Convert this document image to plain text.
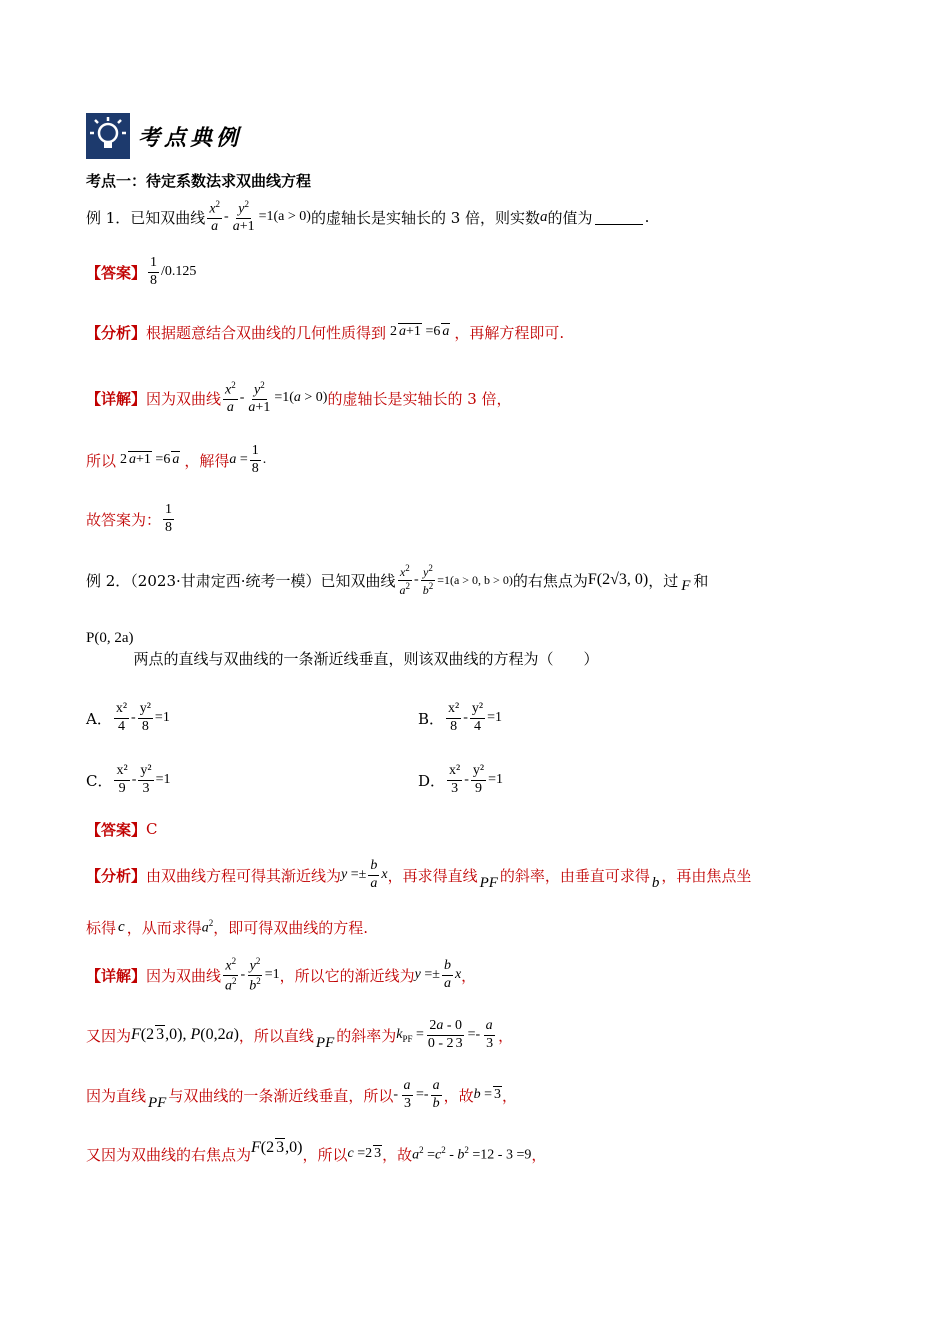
考点典例
考点一：待定系数法求双曲线方程
例 1．已知双曲线 $\frac{x^2}{a} - \frac{y^2}{a+1} =1(a > 0)$ 的虚轴长是实轴长的 3 倍，则实数 a 的值为	.
【答案】 $\frac{1}{8} /0.125$
【分析】 根据题意结合双曲线的几何性质得到 2 a+1 =6 a ，再解方程即可.
【详解】 因为双曲线 $\frac{x^2}{a} - \frac{y^2}{a+1} =1(a > 0)$ 的虚轴长是实轴长的 3 倍，
所以 2 a+1 =6 a ，解得 $a = \frac{1}{8}$ .
故答案为： $\frac{1}{8}$
例 2．（2023·甘肃定西·统考一模）已知双曲线 $\frac{x^2}{a^2} - \frac{y^2}{b^2} =1(a > 0$, b > 0) 的右焦点为 F(2√3, 0) ，过 F 和
P(0, 2a)
两点的直线与双曲线的一条渐近线垂直，则该双曲线的方程为（　　）
A． $\frac{\text{x²}}{4} - \frac{\text{y²}}{8} =1$	B． $\frac{\text{x²}}{8} - \frac{\text{y²}}{4} =1$
C． $\frac{\text{x²}}{9} - \frac{\text{y²}}{3} =1$	D． $\frac{\text{x²}}{3} - \frac{\text{y²}}{9} =1$
【答案】 C
【分析】 由双曲线方程可得其渐近线为 $y =\pm \frac{b}{a}$ x ，再求得直线 PF 的斜率，由垂直可求得 b ，再由焦点坐
标得 c ，从而求得 $a^2$ ，即可得双曲线的方程.
【详解】 因为双曲线 $\frac{x^2}{a^2} - \frac{y^2}{b^2} =1$ ，所以它的渐近线为 $y =\pm \frac{b}{a}$ x ，
又因为 F(2 3,0), P(0,2a) ，所以直线 PF 的斜率为 $k_{PF} = \frac{2a - 0}{0 - 2 3} =- \frac{a}{3}$ ，
因为直线 PF 与双曲线的一条渐近线垂直，所以 - $\frac{a}{3} =- \frac{a}{b}$ ，故 b = 3 ，
又因为双曲线的右焦点为 F(2 3,0) ，所以 c =2 3 ，故 $a^2 =c^2 - b^2 =12 - 3 =9$ ，
